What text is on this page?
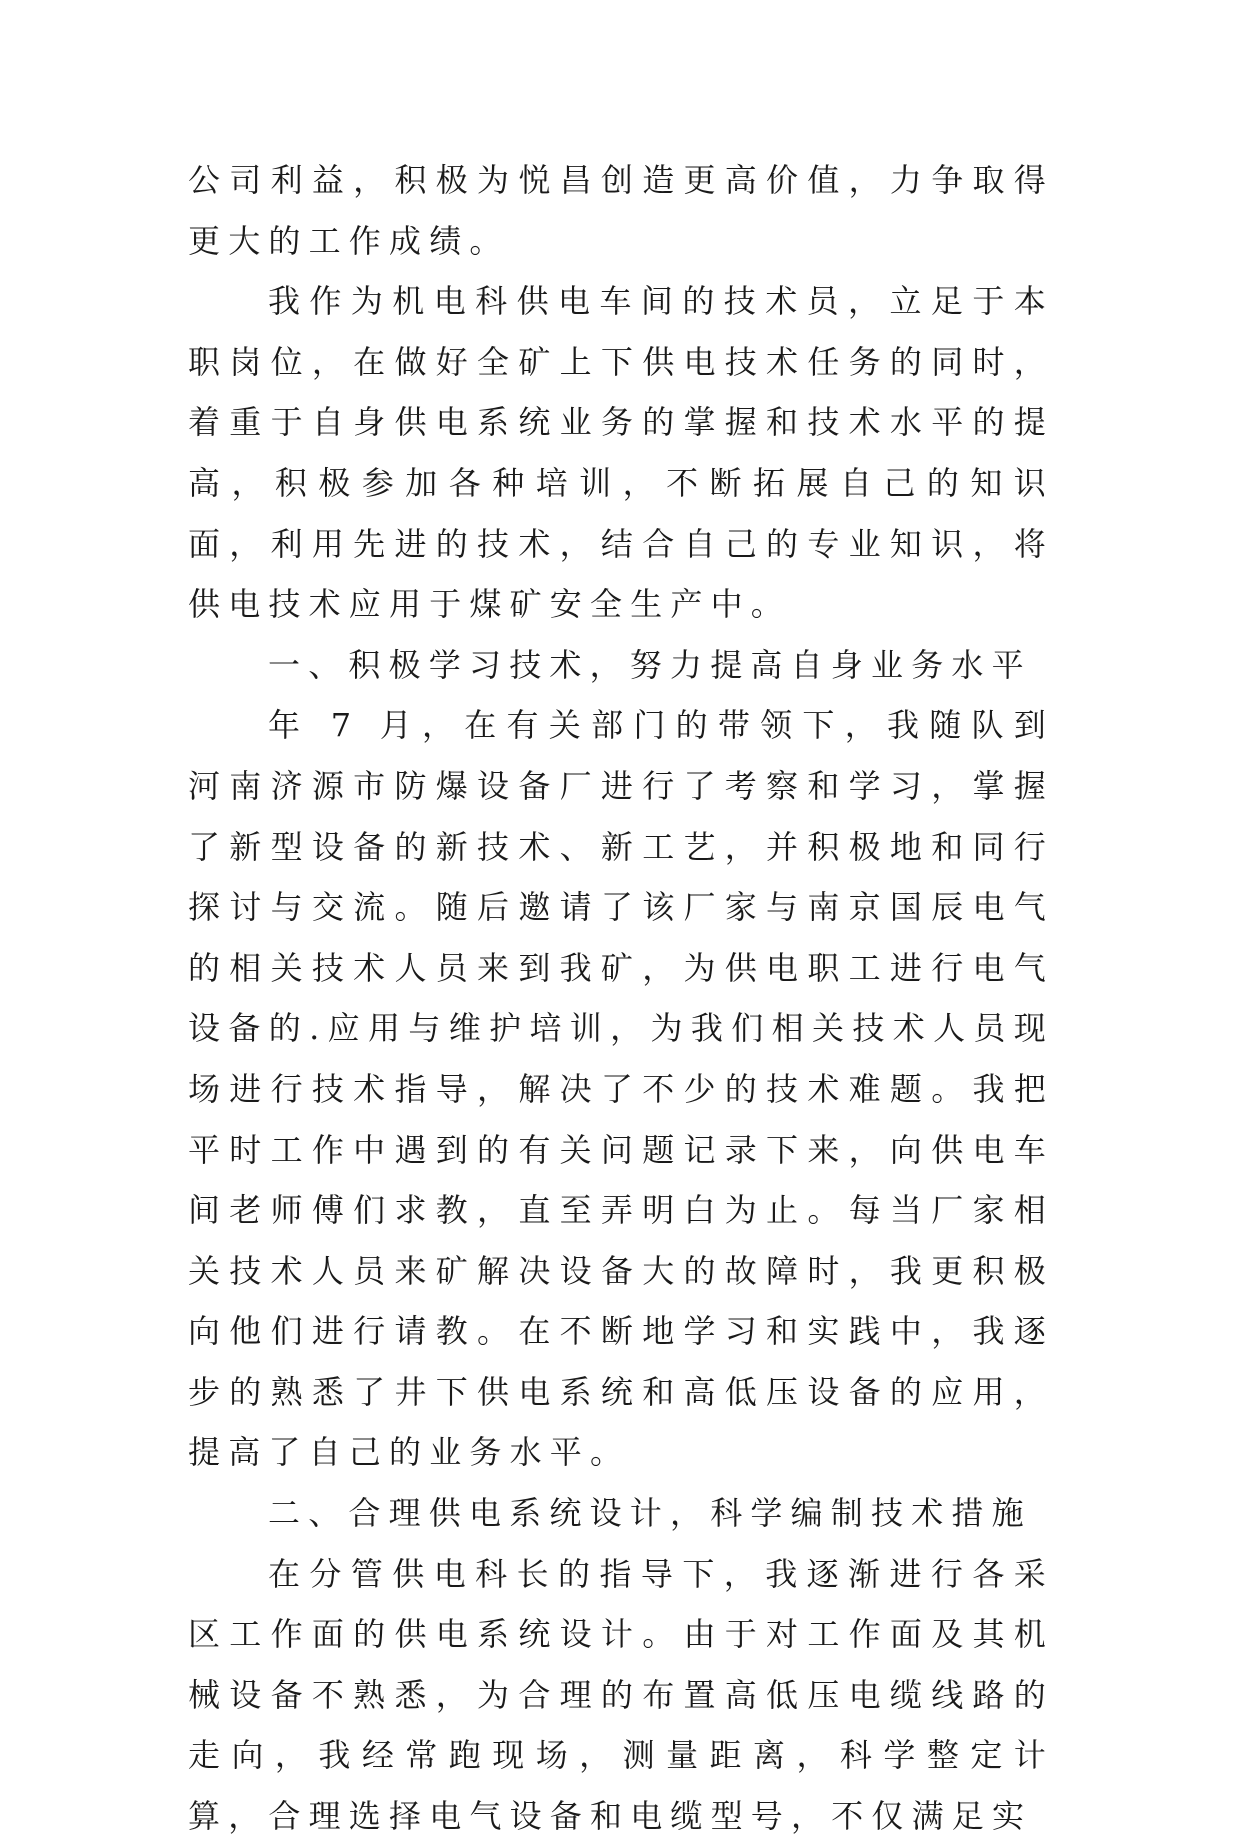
公司利益，积极为悦昌创造更高价值，力争取得更大的工作成绩。

我作为机电科供电车间的技术员，立足于本职岗位，在做好全矿上下供电技术任务的同时，着重于自身供电系统业务的掌握和技术水平的提高，积极参加各种培训，不断拓展自己的知识面，利用先进的技术，结合自己的专业知识，将供电技术应用于煤矿安全生产中。

一、积极学习技术，努力提高自身业务水平

年 7 月，在有关部门的带领下，我随队到河南济源市防爆设备厂进行了考察和学习，掌握了新型设备的新技术、新工艺，并积极地和同行探讨与交流。随后邀请了该厂家与南京国辰电气的相关技术人员来到我矿，为供电职工进行电气设备的.应用与维护培训，为我们相关技术人员现场进行技术指导，解决了不少的技术难题。我把平时工作中遇到的有关问题记录下来，向供电车间老师傅们求教，直至弄明白为止。每当厂家相关技术人员来矿解决设备大的故障时，我更积极向他们进行请教。在不断地学习和实践中，我逐步的熟悉了井下供电系统和高低压设备的应用，提高了自己的业务水平。

二、合理供电系统设计，科学编制技术措施

在分管供电科长的指导下，我逐渐进行各采区工作面的供电系统设计。由于对工作面及其机械设备不熟悉，为合理的布置高低压电缆线路的走向，我经常跑现场，测量距离，科学整定计算，合理选择电气设备和电缆型号，不仅满足实
